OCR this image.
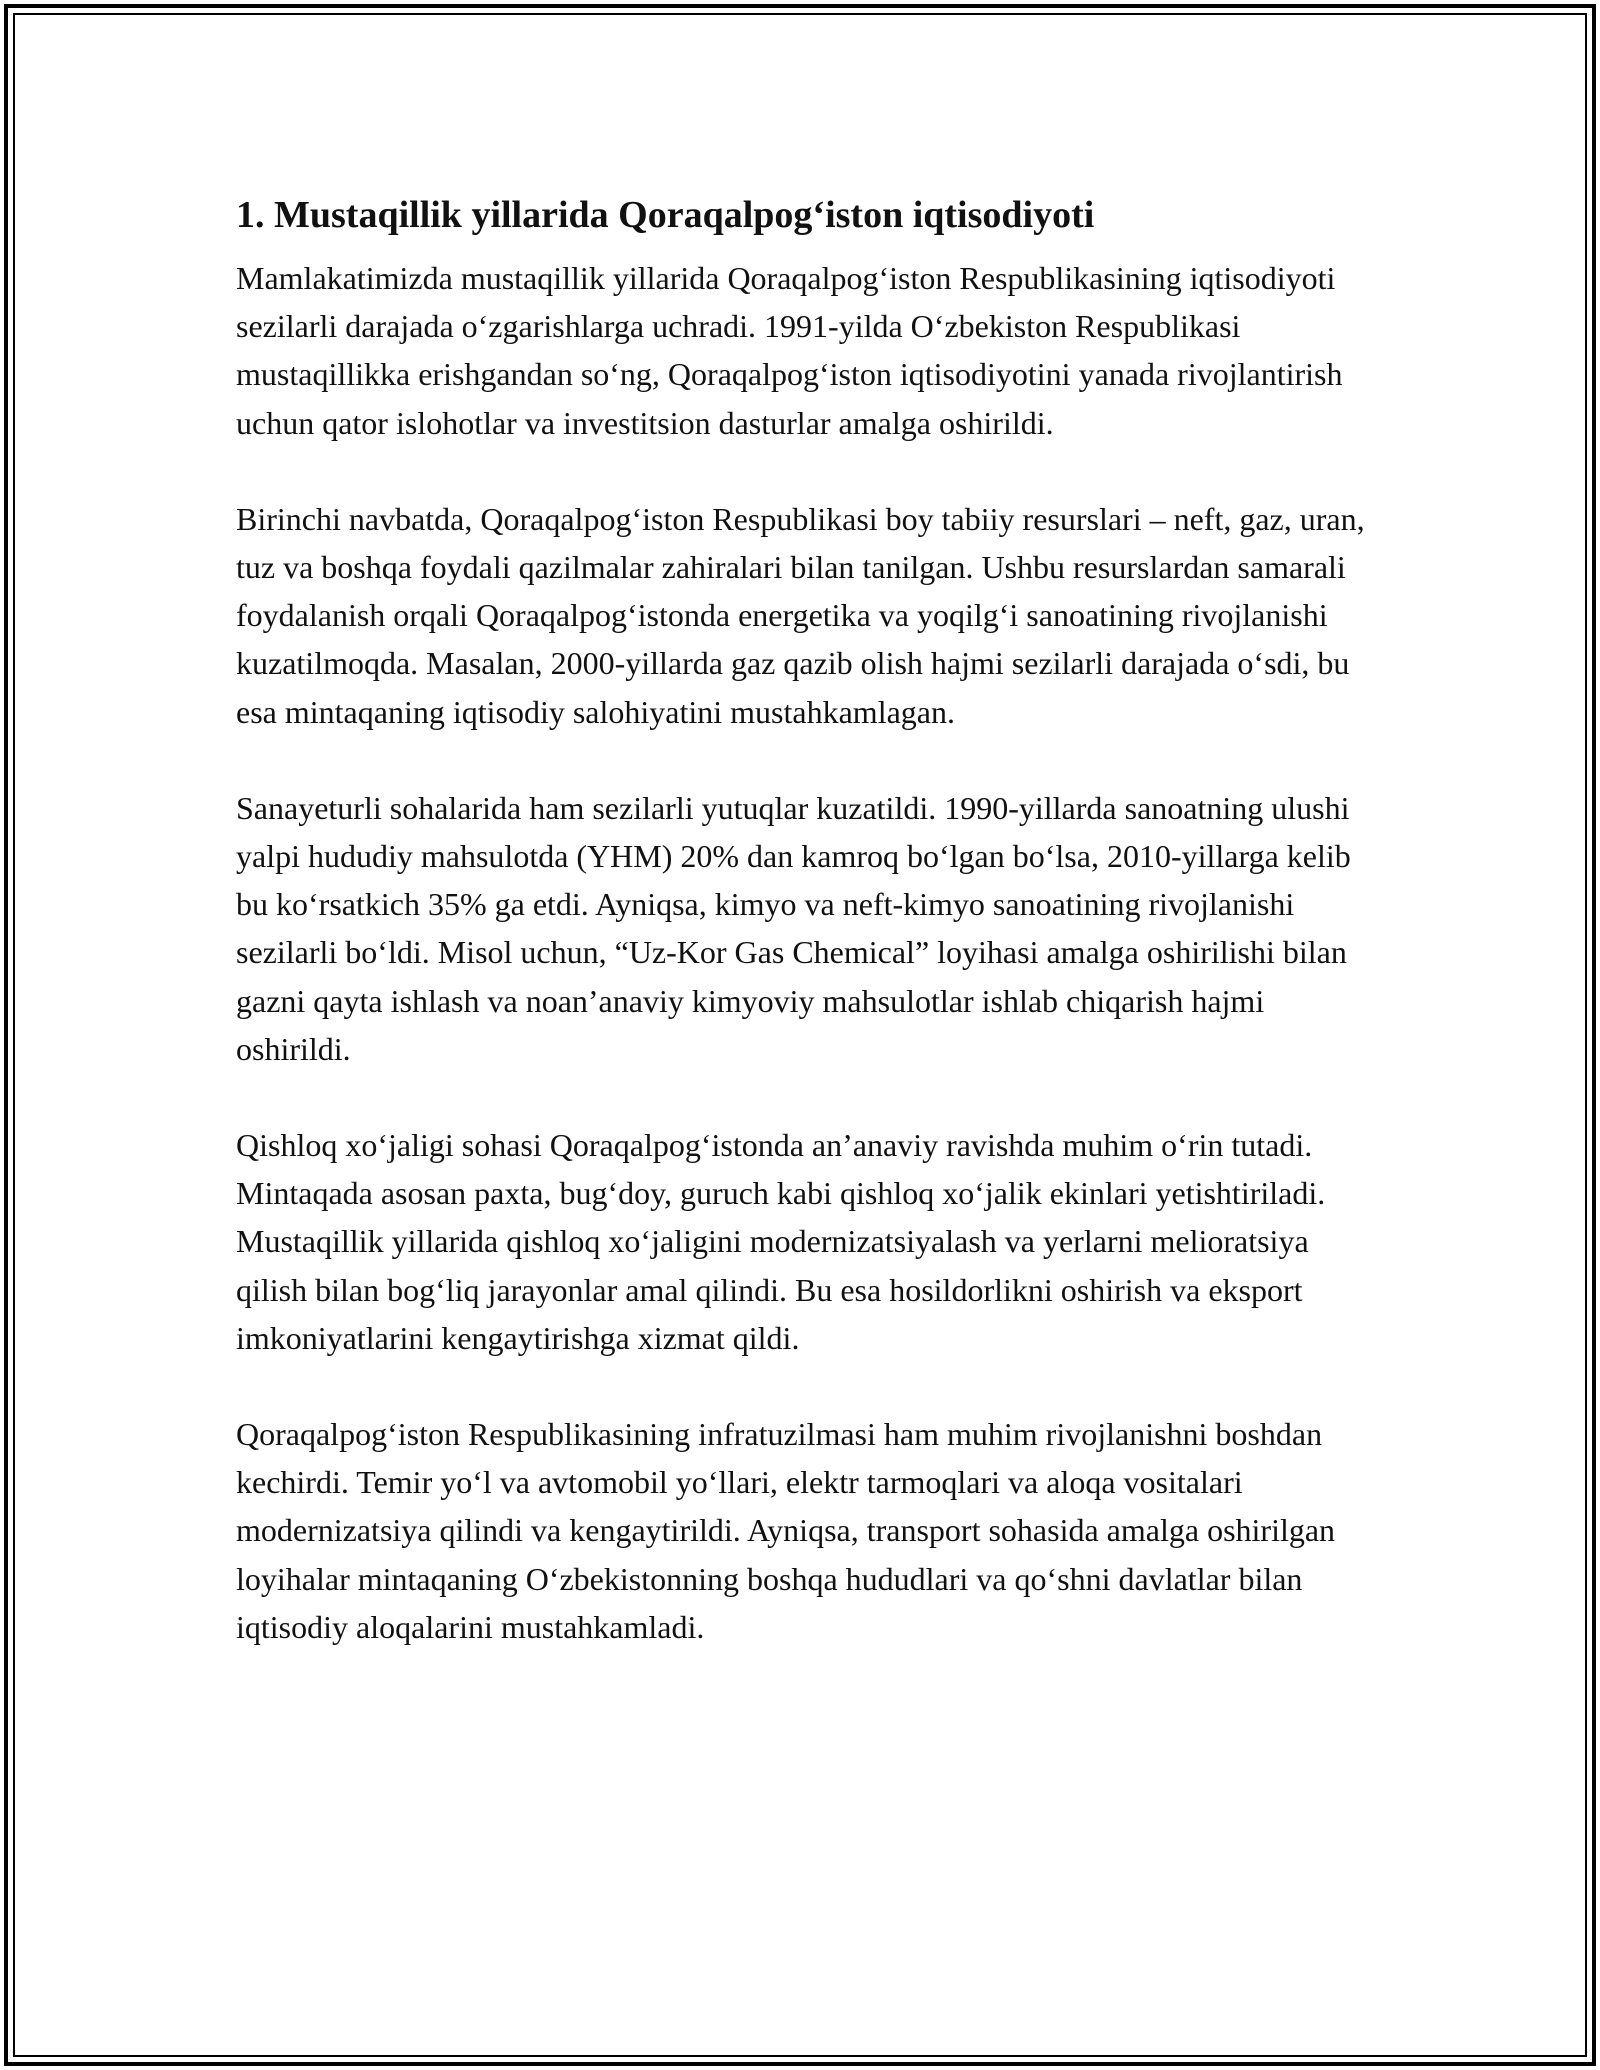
1. Mustaqillik yillarida Qoraqalpog‘iston iqtisodiyoti

Mamlakatimizda mustaqillik yillarida Qoraqalpog‘iston Respublikasining iqtisodiyoti sezilarli darajada o‘zgarishlarga uchradi. 1991-yilda O‘zbekiston Respublikasi mustaqillikka erishgandan so‘ng, Qoraqalpog‘iston iqtisodiyotini yanada rivojlantirish uchun qator islohotlar va investitsion dasturlar amalga oshirildi.

Birinchi navbatda, Qoraqalpog‘iston Respublikasi boy tabiiy resurslari – neft, gaz, uran, tuz va boshqa foydali qazilmalar zahiralari bilan tanilgan. Ushbu resurslardan samarali foydalanish orqali Qoraqalpog‘istonda energetika va yoqilg‘i sanoatining rivojlanishi kuzatilmoqda. Masalan, 2000-yillarda gaz qazib olish hajmi sezilarli darajada o‘sdi, bu esa mintaqaning iqtisodiy salohiyatini mustahkamlagan.

Sanayeturli sohalarida ham sezilarli yutuqlar kuzatildi. 1990-yillarda sanoatning ulushi yalpi hududiy mahsulotda (YHM) 20% dan kamroq bo‘lgan bo‘lsa, 2010-yillarga kelib bu ko‘rsatkich 35% ga etdi. Ayniqsa, kimyo va neft-kimyo sanoatining rivojlanishi sezilarli bo‘ldi. Misol uchun, “Uz-Kor Gas Chemical” loyihasi amalga oshirilishi bilan gazni qayta ishlash va noan’anaviy kimyoviy mahsulotlar ishlab chiqarish hajmi oshirildi.

Qishloq xo‘jaligi sohasi Qoraqalpog‘istonda an’anaviy ravishda muhim o‘rin tutadi. Mintaqada asosan paxta, bug‘doy, guruch kabi qishloq xo‘jalik ekinlari yetishtiriladi. Mustaqillik yillarida qishloq xo‘jaligini modernizatsiyalash va yerlarni melioratsiya qilish bilan bog‘liq jarayonlar amal qilindi. Bu esa hosildorlikni oshirish va eksport imkoniyatlarini kengaytirishga xizmat qildi.

Qoraqalpog‘iston Respublikasining infratuzilmasi ham muhim rivojlanishni boshdan kechirdi. Temir yo‘l va avtomobil yo‘llari, elektr tarmoqlari va aloqa vositalari modernizatsiya qilindi va kengaytirildi. Ayniqsa, transport sohasida amalga oshirilgan loyihalar mintaqaning O‘zbekistonning boshqa hududlari va qo‘shni davlatlar bilan iqtisodiy aloqalarini mustahkamladi.
